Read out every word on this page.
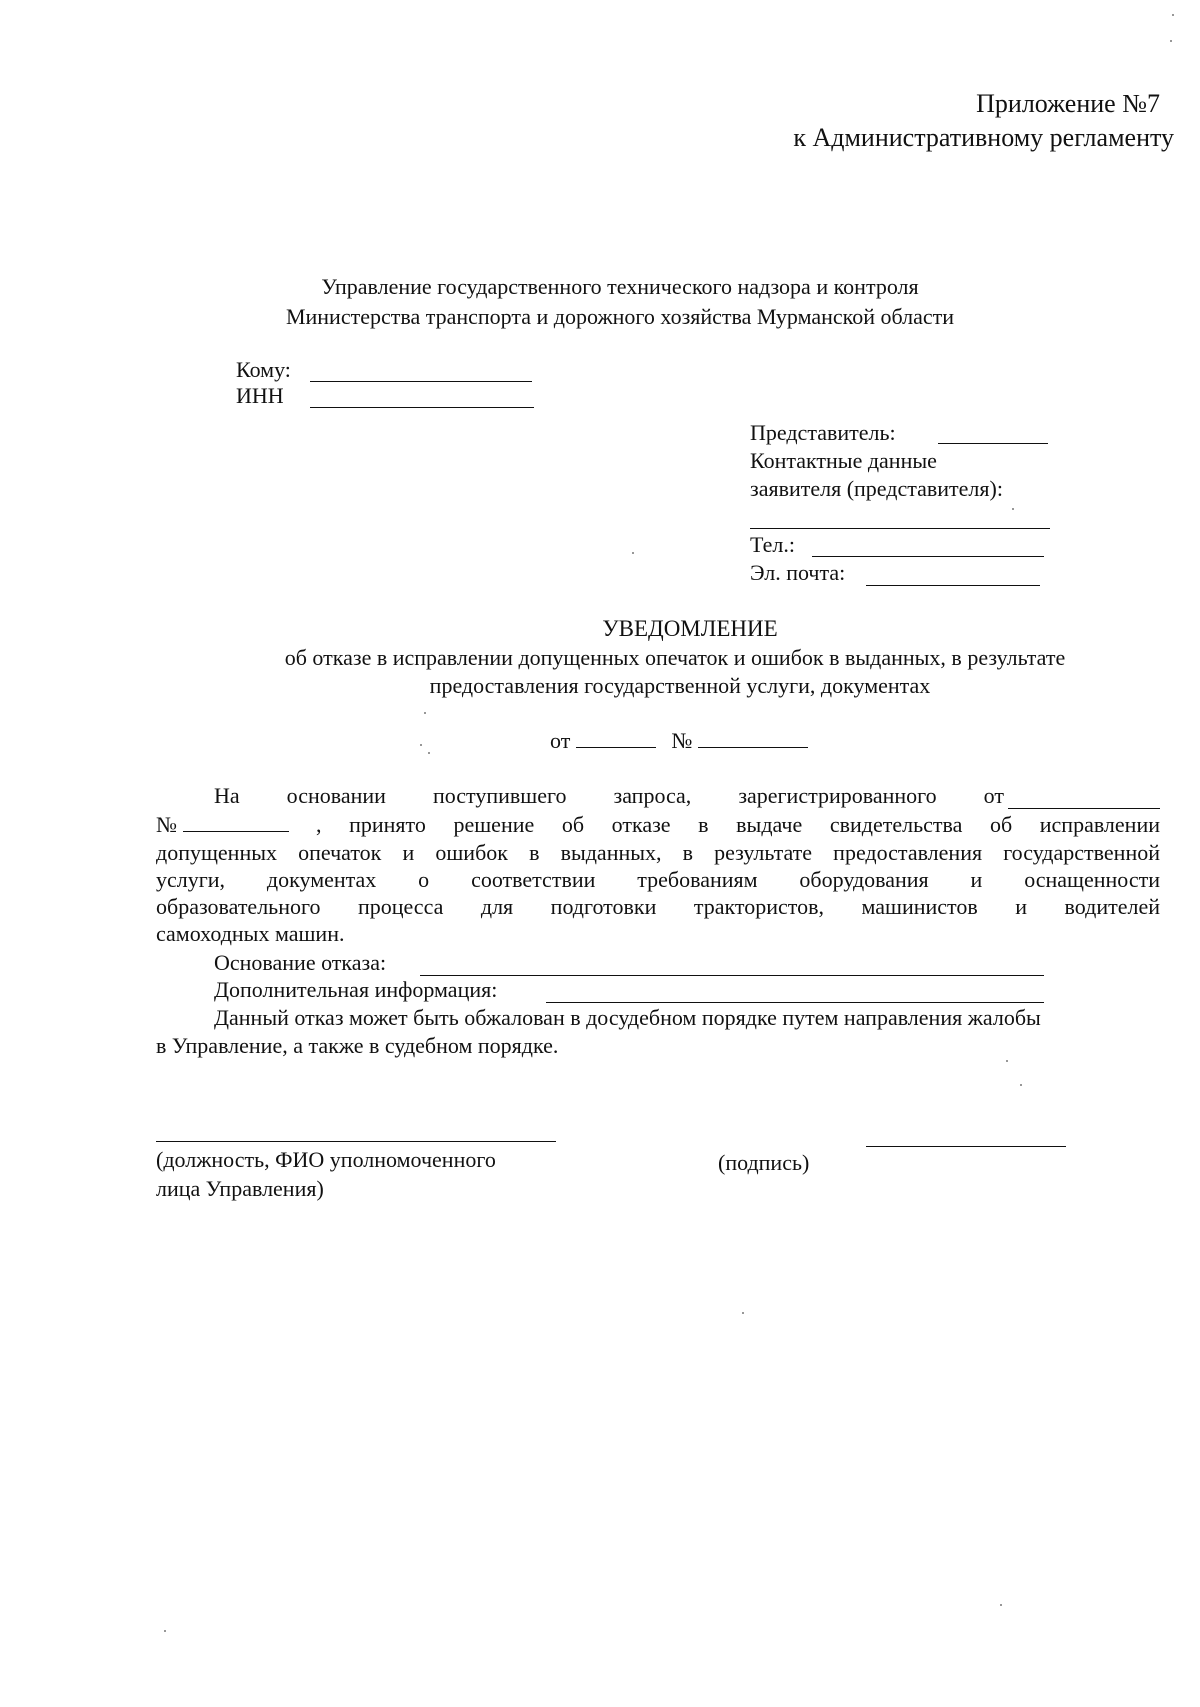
Приложение №7
к Административному регламенту
Управление государственного технического надзора и контроля
Министерства транспорта и дорожного хозяйства Мурманской области
Кому:
ИНН
Представитель:
Контактные данные
заявителя (представителя):
Тел.:
Эл. почта:
УВЕДОМЛЕНИЕ
об отказе в исправлении допущенных опечаток и ошибок в выданных, в результате
предоставления государственной услуги, документах
от	№
На основании поступившего запроса, зарегистрированного от
№	, принято решение об отказе в выдаче свидетельства об исправлении
допущенных опечаток и ошибок в выданных, в результате предоставления государственной
услуги, документах о соответствии требованиям оборудования и оснащенности
образовательного процесса для подготовки трактористов, машинистов и водителей
самоходных машин.
Основание отказа:
Дополнительная информация:
Данный отказ может быть обжалован в досудебном порядке путем направления жалобы
в Управление, а также в судебном порядке.
(должность, ФИО уполномоченного
лица Управления)
(подпись)
